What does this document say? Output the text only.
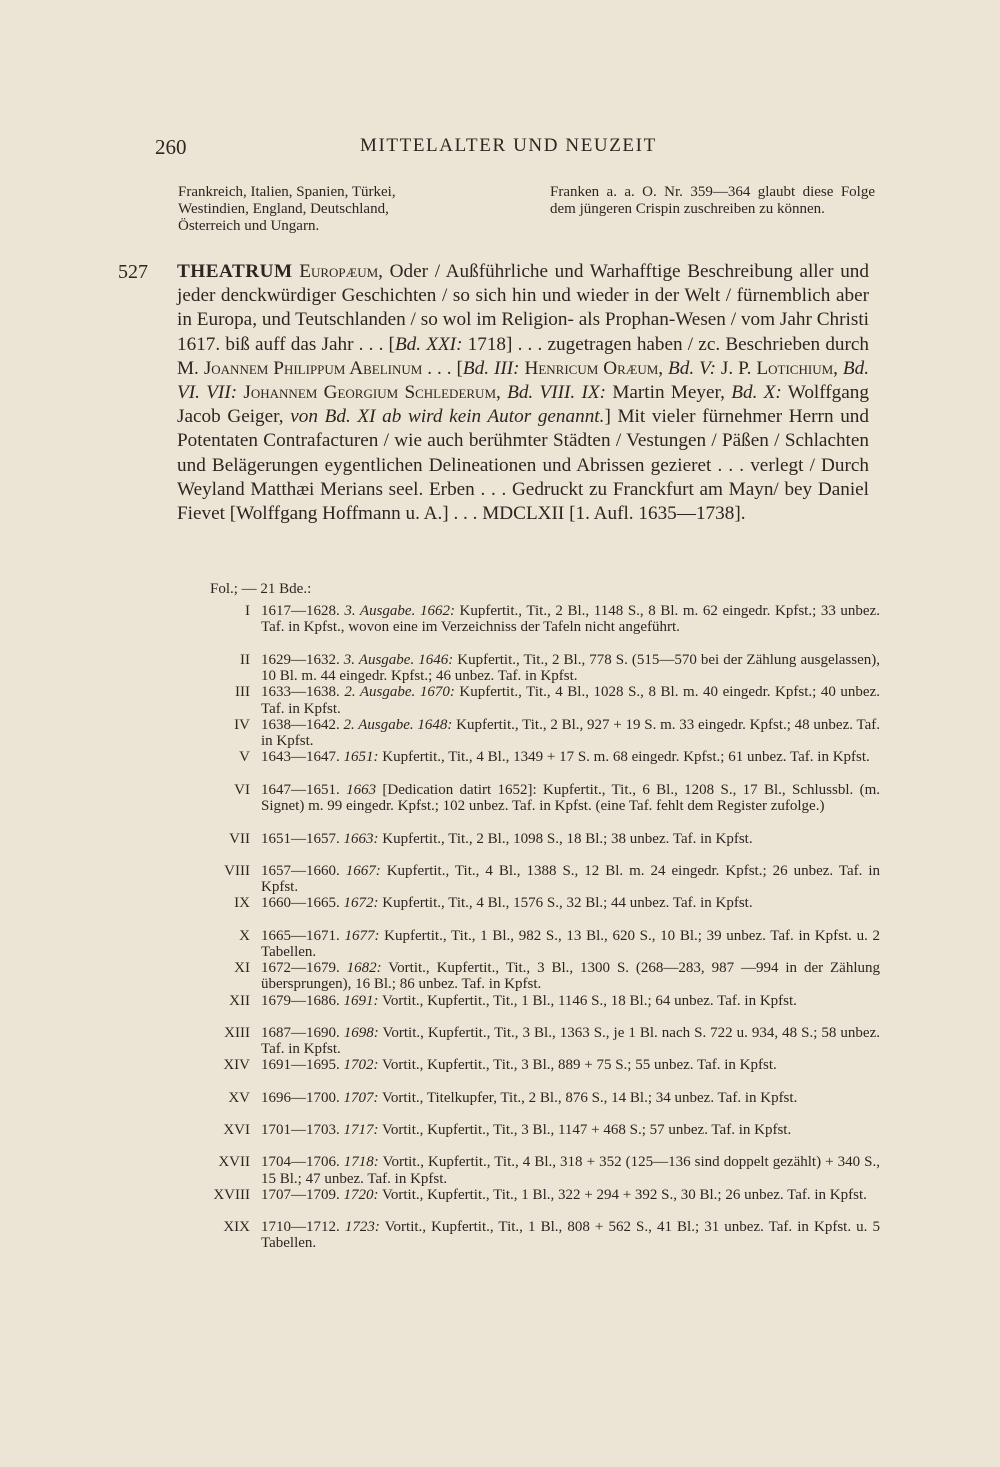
260	MITTELALTER UND NEUZEIT
Frankreich, Italien, Spanien, Türkei,
Westindien, England, Deutschland,
Österreich und Ungarn.
Franken a. a. O. Nr. 359—364 glaubt diese Folge dem jüngeren Crispin zuschreiben zu können.
527 THEATRUM Europæum, Oder / Außführliche und Warhafftige Beschreibung aller und jeder denckwürdiger Geschichten / so sich hin und wieder in der Welt / fürnemblich aber in Europa, und Teutschlanden / so wol im Religion- als Prophan-Wesen / vom Jahr Christi 1617. biß auff das Jahr . . . [Bd. XXI: 1718] . . . zugetragen haben / zc. Beschrieben durch M. Joannem Philippum Abelinum . . . [Bd. III: Henricum Oræum, Bd. V: J. P. Lotichium, Bd. VI. VII: Johannem Georgium Schlederum, Bd. VIII. IX: Martin Meyer, Bd. X: Wolffgang Jacob Geiger, von Bd. XI ab wird kein Autor genannt.] Mit vieler fürnehmer Herrn und Potentaten Contrafacturen / wie auch berühmter Städten / Vestungen / Päßen / Schlachten und Belägerungen eygentlichen Delineationen und Abrissen gezieret . . . verlegt / Durch Weyland Matthæi Merians seel. Erben . . . Gedruckt zu Franckfurt am Mayn/ bey Daniel Fievet [Wolffgang Hoffmann u. A.] . . . MDCLXII [1. Aufl. 1635—1738].
Fol.; — 21 Bde.:
I 1617—1628. 3. Ausgabe. 1662: Kupfertit., Tit., 2 Bl., 1148 S., 8 Bl. m. 62 eingedr. Kpfst.; 33 unbez. Taf. in Kpfst., wovon eine im Verzeichniss der Tafeln nicht angeführt.
II 1629—1632. 3. Ausgabe. 1646: Kupfertit., Tit., 2 Bl., 778 S. (515—570 bei der Zählung ausgelassen), 10 Bl. m. 44 eingedr. Kpfst.; 46 unbez. Taf. in Kpfst.
III 1633—1638. 2. Ausgabe. 1670: Kupfertit., Tit., 4 Bl., 1028 S., 8 Bl. m. 40 eingedr. Kpfst.; 40 unbez. Taf. in Kpfst.
IV 1638—1642. 2. Ausgabe. 1648: Kupfertit., Tit., 2 Bl., 927 + 19 S. m. 33 eingedr. Kpfst.; 48 unbez. Taf. in Kpfst.
V 1643—1647. 1651: Kupfertit., Tit., 4 Bl., 1349 + 17 S. m. 68 eingedr. Kpfst.; 61 unbez. Taf. in Kpfst.
VI 1647—1651. 1663 [Dedication datirt 1652]: Kupfertit., Tit., 6 Bl., 1208 S., 17 Bl., Schlussbl. (m. Signet) m. 99 eingedr. Kpfst.; 102 unbez. Taf. in Kpfst. (eine Taf. fehlt dem Register zufolge.)
VII 1651—1657. 1663: Kupfertit., Tit., 2 Bl., 1098 S., 18 Bl.; 38 unbez. Taf. in Kpfst.
VIII 1657—1660. 1667: Kupfertit., Tit., 4 Bl., 1388 S., 12 Bl. m. 24 eingedr. Kpfst.; 26 unbez. Taf. in Kpfst.
IX 1660—1665. 1672: Kupfertit., Tit., 4 Bl., 1576 S., 32 Bl.; 44 unbez. Taf. in Kpfst.
X 1665—1671. 1677: Kupfertit., Tit., 1 Bl., 982 S., 13 Bl., 620 S., 10 Bl.; 39 unbez. Taf. in Kpfst. u. 2 Tabellen.
XI 1672—1679. 1682: Vortit., Kupfertit., Tit., 3 Bl., 1300 S. (268—283, 987 —994 in der Zählung übersprungen), 16 Bl.; 86 unbez. Taf. in Kpfst.
XII 1679—1686. 1691: Vortit., Kupfertit., Tit., 1 Bl., 1146 S., 18 Bl.; 64 unbez. Taf. in Kpfst.
XIII 1687—1690. 1698: Vortit., Kupfertit., Tit., 3 Bl., 1363 S., je 1 Bl. nach S. 722 u. 934, 48 S.; 58 unbez. Taf. in Kpfst.
XIV 1691—1695. 1702: Vortit., Kupfertit., Tit., 3 Bl., 889 + 75 S.; 55 unbez. Taf. in Kpfst.
XV 1696—1700. 1707: Vortit., Titelkupfer, Tit., 2 Bl., 876 S., 14 Bl.; 34 unbez. Taf. in Kpfst.
XVI 1701—1703. 1717: Vortit., Kupfertit., Tit., 3 Bl., 1147 + 468 S.; 57 unbez. Taf. in Kpfst.
XVII 1704—1706. 1718: Vortit., Kupfertit., Tit., 4 Bl., 318 + 352 (125—136 sind doppelt gezählt) + 340 S., 15 Bl.; 47 unbez. Taf. in Kpfst.
XVIII 1707—1709. 1720: Vortit., Kupfertit., Tit., 1 Bl., 322 + 294 + 392 S., 30 Bl.; 26 unbez. Taf. in Kpfst.
XIX 1710—1712. 1723: Vortit., Kupfertit., Tit., 1 Bl., 808 + 562 S., 41 Bl.; 31 unbez. Taf. in Kpfst. u. 5 Tabellen.
